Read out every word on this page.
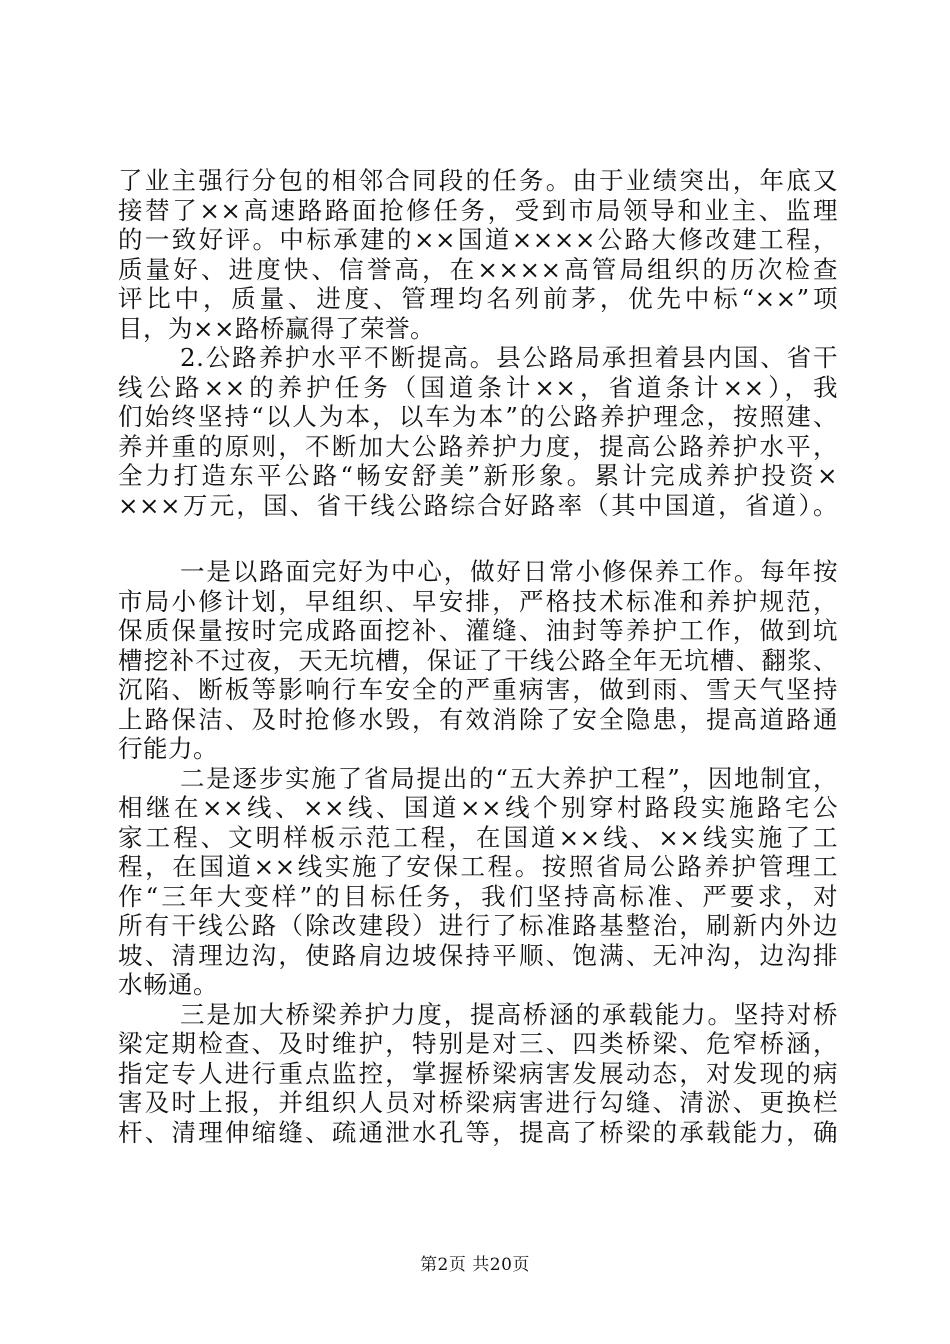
了业主强行分包的相邻合同段的任务。由于业绩突出，年底又
接替了××高速路路面抢修任务，受到市局领导和业主、监理
的一致好评。中标承建的××国道××××公路大修改建工程，
质量好、进度快、信誉高，在××××高管局组织的历次检查
评比中，质量、进度、管理均名列前茅，优先中标“××”项
目，为××路桥赢得了荣誉。
2.公路养护水平不断提高。县公路局承担着县内国、省干
线公路××的养护任务（国道条计××，省道条计××），我
们始终坚持“以人为本，以车为本”的公路养护理念，按照建、
养并重的原则，不断加大公路养护力度，提高公路养护水平，
全力打造东平公路“畅安舒美”新形象。累计完成养护投资×
×××万元，国、省干线公路综合好路率（其中国道，省道）。
一是以路面完好为中心，做好日常小修保养工作。每年按
市局小修计划，早组织、早安排，严格技术标准和养护规范，
保质保量按时完成路面挖补、灌缝、油封等养护工作，做到坑
槽挖补不过夜，天无坑槽，保证了干线公路全年无坑槽、翻浆、
沉陷、断板等影响行车安全的严重病害，做到雨、雪天气坚持
上路保洁、及时抢修水毁，有效消除了安全隐患，提高道路通
行能力。
二是逐步实施了省局提出的“五大养护工程”，因地制宜，
相继在××线、××线、国道××线个别穿村路段实施路宅公
家工程、文明样板示范工程，在国道××线、××线实施了工
程，在国道××线实施了安保工程。按照省局公路养护管理工
作“三年大变样”的目标任务，我们坚持高标准、严要求，对
所有干线公路（除改建段）进行了标准路基整治，刷新内外边
坡、清理边沟，使路肩边坡保持平顺、饱满、无冲沟，边沟排
水畅通。
三是加大桥梁养护力度，提高桥涵的承载能力。坚持对桥
梁定期检查、及时维护，特别是对三、四类桥梁、危窄桥涵，
指定专人进行重点监控，掌握桥梁病害发展动态，对发现的病
害及时上报，并组织人员对桥梁病害进行勾缝、清淤、更换栏
杆、清理伸缩缝、疏通泄水孔等，提高了桥梁的承载能力，确
第2页 共20页
